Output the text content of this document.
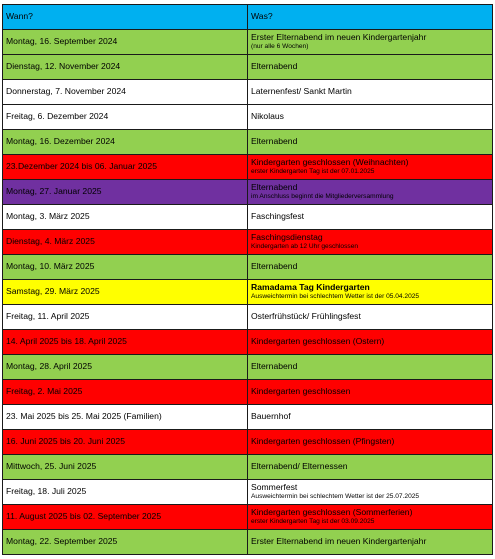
Wann?	Was?
Montag, 16. September 2024	Erster Elternabend im neuen Kindergartenjahr
(nur alle 6 Wochen)

Dienstag, 12. November 2024	Elternabend
Donnerstag, 7. November 2024	Laternenfest/ Sankt Martin
Freitag, 6. Dezember 2024	Nikolaus
Montag, 16. Dezember 2024	Elternabend
23.Dezember 2024 bis 06. Januar 2025	Kindergarten geschlossen (Weihnachten)
erster Kindergarten Tag ist der 07.01.2025

Montag, 27. Januar 2025	Elternabend
im Anschluss beginnt die Mitgliederversammlung

Montag, 3. März 2025	Faschingsfest
Dienstag, 4. März 2025	Faschingsdienstag
Kindergarten ab 12 Uhr geschlossen

Montag, 10. März 2025	Elternabend
Samstag, 29. März 2025	Ramadama Tag Kindergarten
Ausweichtermin bei schlechtem Wetter ist der 05.04.2025

Freitag, 11. April 2025	Osterfrühstück/ Frühlingsfest
14. April 2025 bis 18. April 2025	Kindergarten geschlossen (Ostern)
Montag, 28. April 2025	Elternabend
Freitag, 2. Mai 2025	Kindergarten geschlossen
23. Mai 2025 bis 25. Mai 2025 (Familien)	Bauernhof
16. Juni 2025 bis 20. Juni 2025	Kindergarten geschlossen (Pfingsten)
Mittwoch, 25. Juni 2025	Elternabend/ Elternessen
Freitag, 18. Juli 2025	Sommerfest
Ausweichtermin bei schlechtem Wetter ist der 25.07.2025

11. August 2025 bis 02. September 2025	Kindergarten geschlossen (Sommerferien)
erster Kindergarten Tag ist der 03.09.2025

Montag, 22. September 2025	Erster Elternabend im neuen Kindergartenjahr
